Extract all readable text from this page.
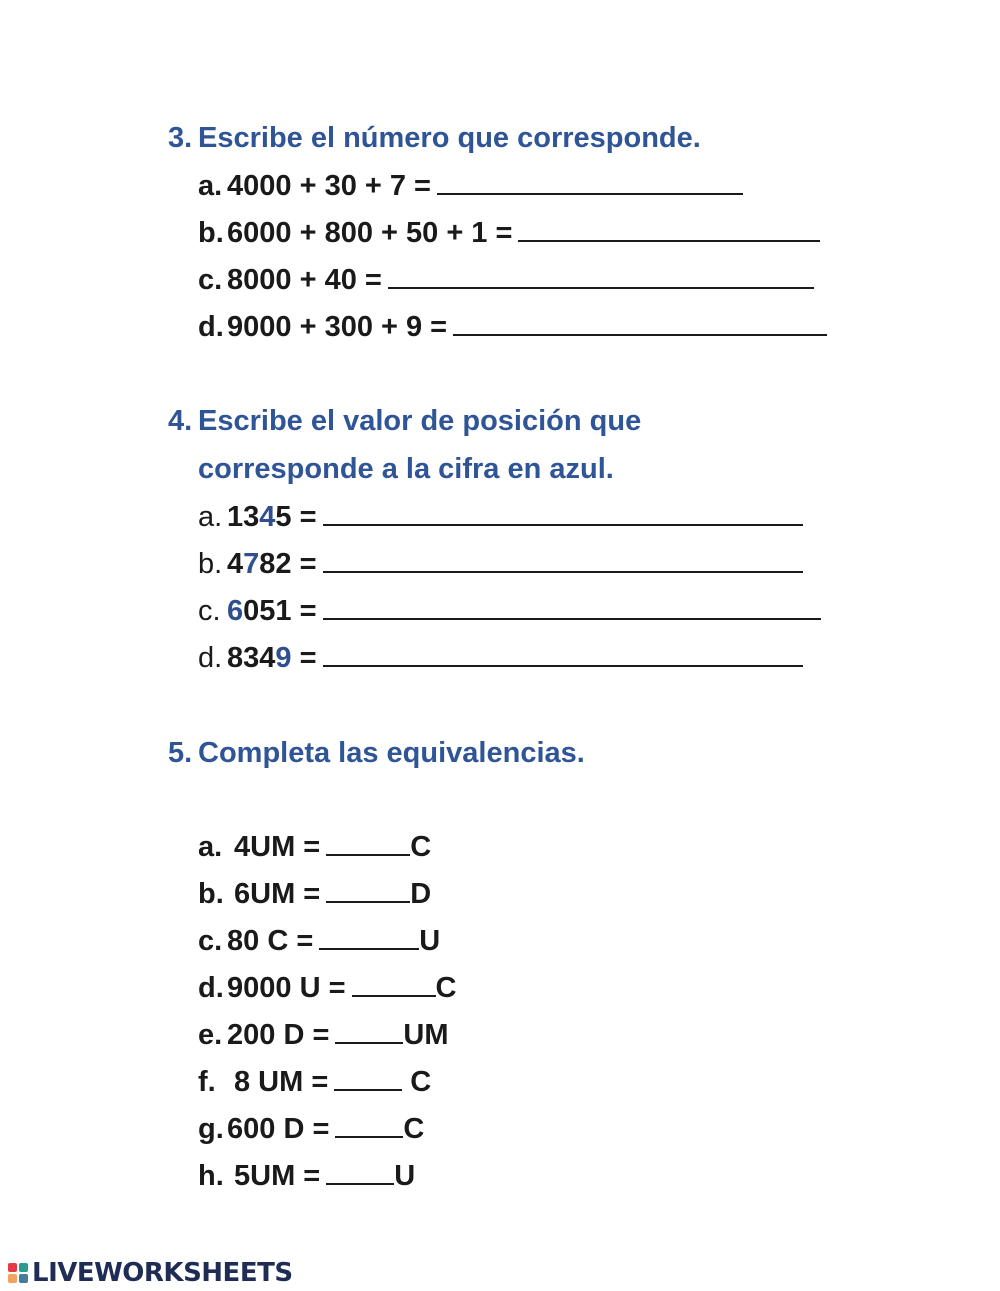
3. Escribe el número que corresponde.
a. 4000 + 30 + 7 =
b. 6000 + 800 + 50 + 1 =
c. 8000 + 40 =
d. 9000 + 300 + 9 =
4. Escribe el valor de posición que
corresponde a la cifra en azul.
a. 1345 =
b. 4782 =
c. 6051 =
d. 8349 =
5. Completa las equivalencias.
a. 4UM =	C
b. 6UM =	D
c. 80 C =	U
d. 9000 U =	C
e. 200 D =	UM
f. 8 UM =	C
g. 600 D =	C
h. 5UM =	U
LIVEWORKSHEETS
